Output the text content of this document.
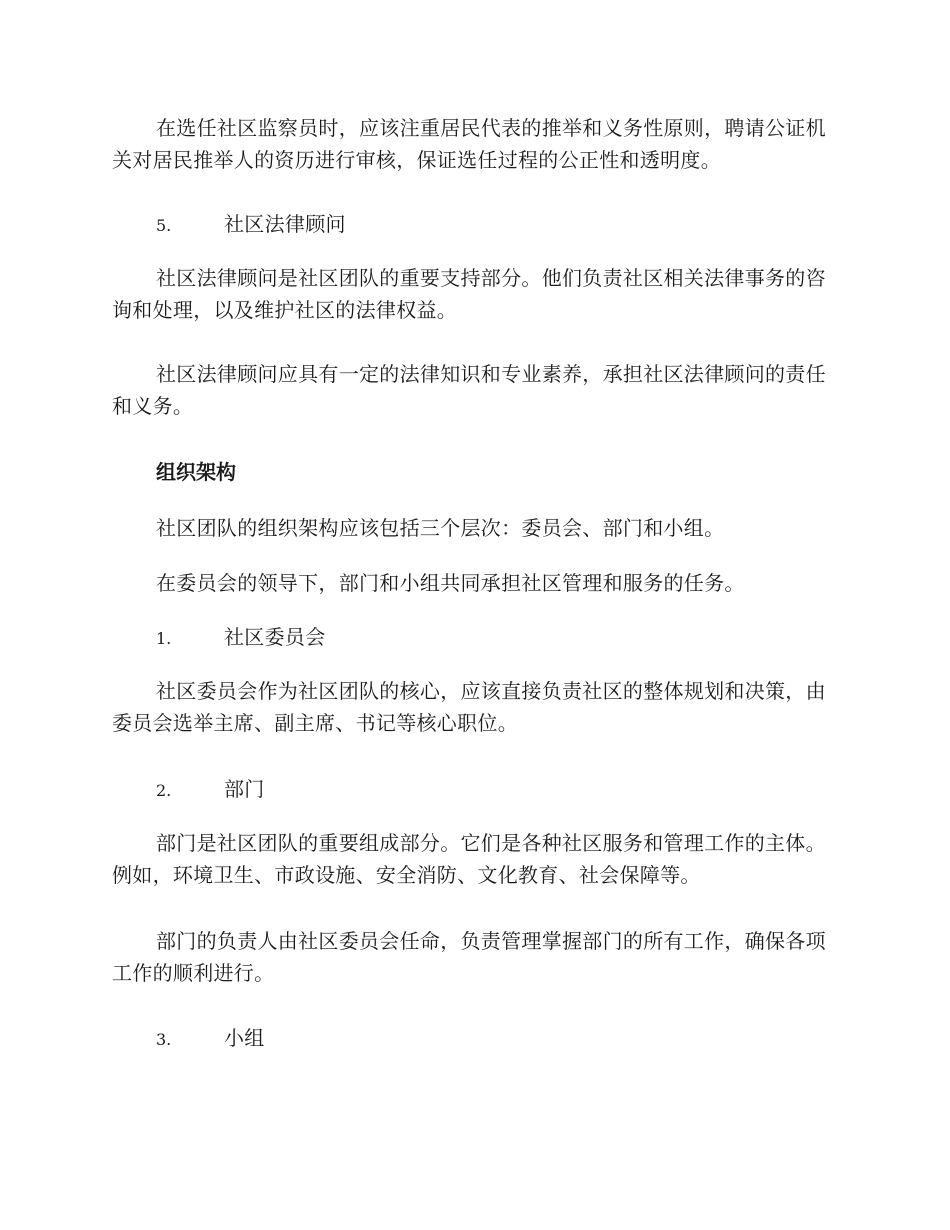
在选任社区监察员时，应该注重居民代表的推举和义务性原则，聘请公证机关对居民推举人的资历进行审核，保证选任过程的公正性和透明度。

5.	社区法律顾问

社区法律顾问是社区团队的重要支持部分。他们负责社区相关法律事务的咨询和处理，以及维护社区的法律权益。

社区法律顾问应具有一定的法律知识和专业素养，承担社区法律顾问的责任和义务。

组织架构

社区团队的组织架构应该包括三个层次：委员会、部门和小组。

在委员会的领导下，部门和小组共同承担社区管理和服务的任务。

1.	社区委员会

社区委员会作为社区团队的核心，应该直接负责社区的整体规划和决策，由委员会选举主席、副主席、书记等核心职位。

2.	部门

部门是社区团队的重要组成部分。它们是各种社区服务和管理工作的主体。例如，环境卫生、市政设施、安全消防、文化教育、社会保障等。

部门的负责人由社区委员会任命，负责管理掌握部门的所有工作，确保各项工作的顺利进行。

3.	小组
